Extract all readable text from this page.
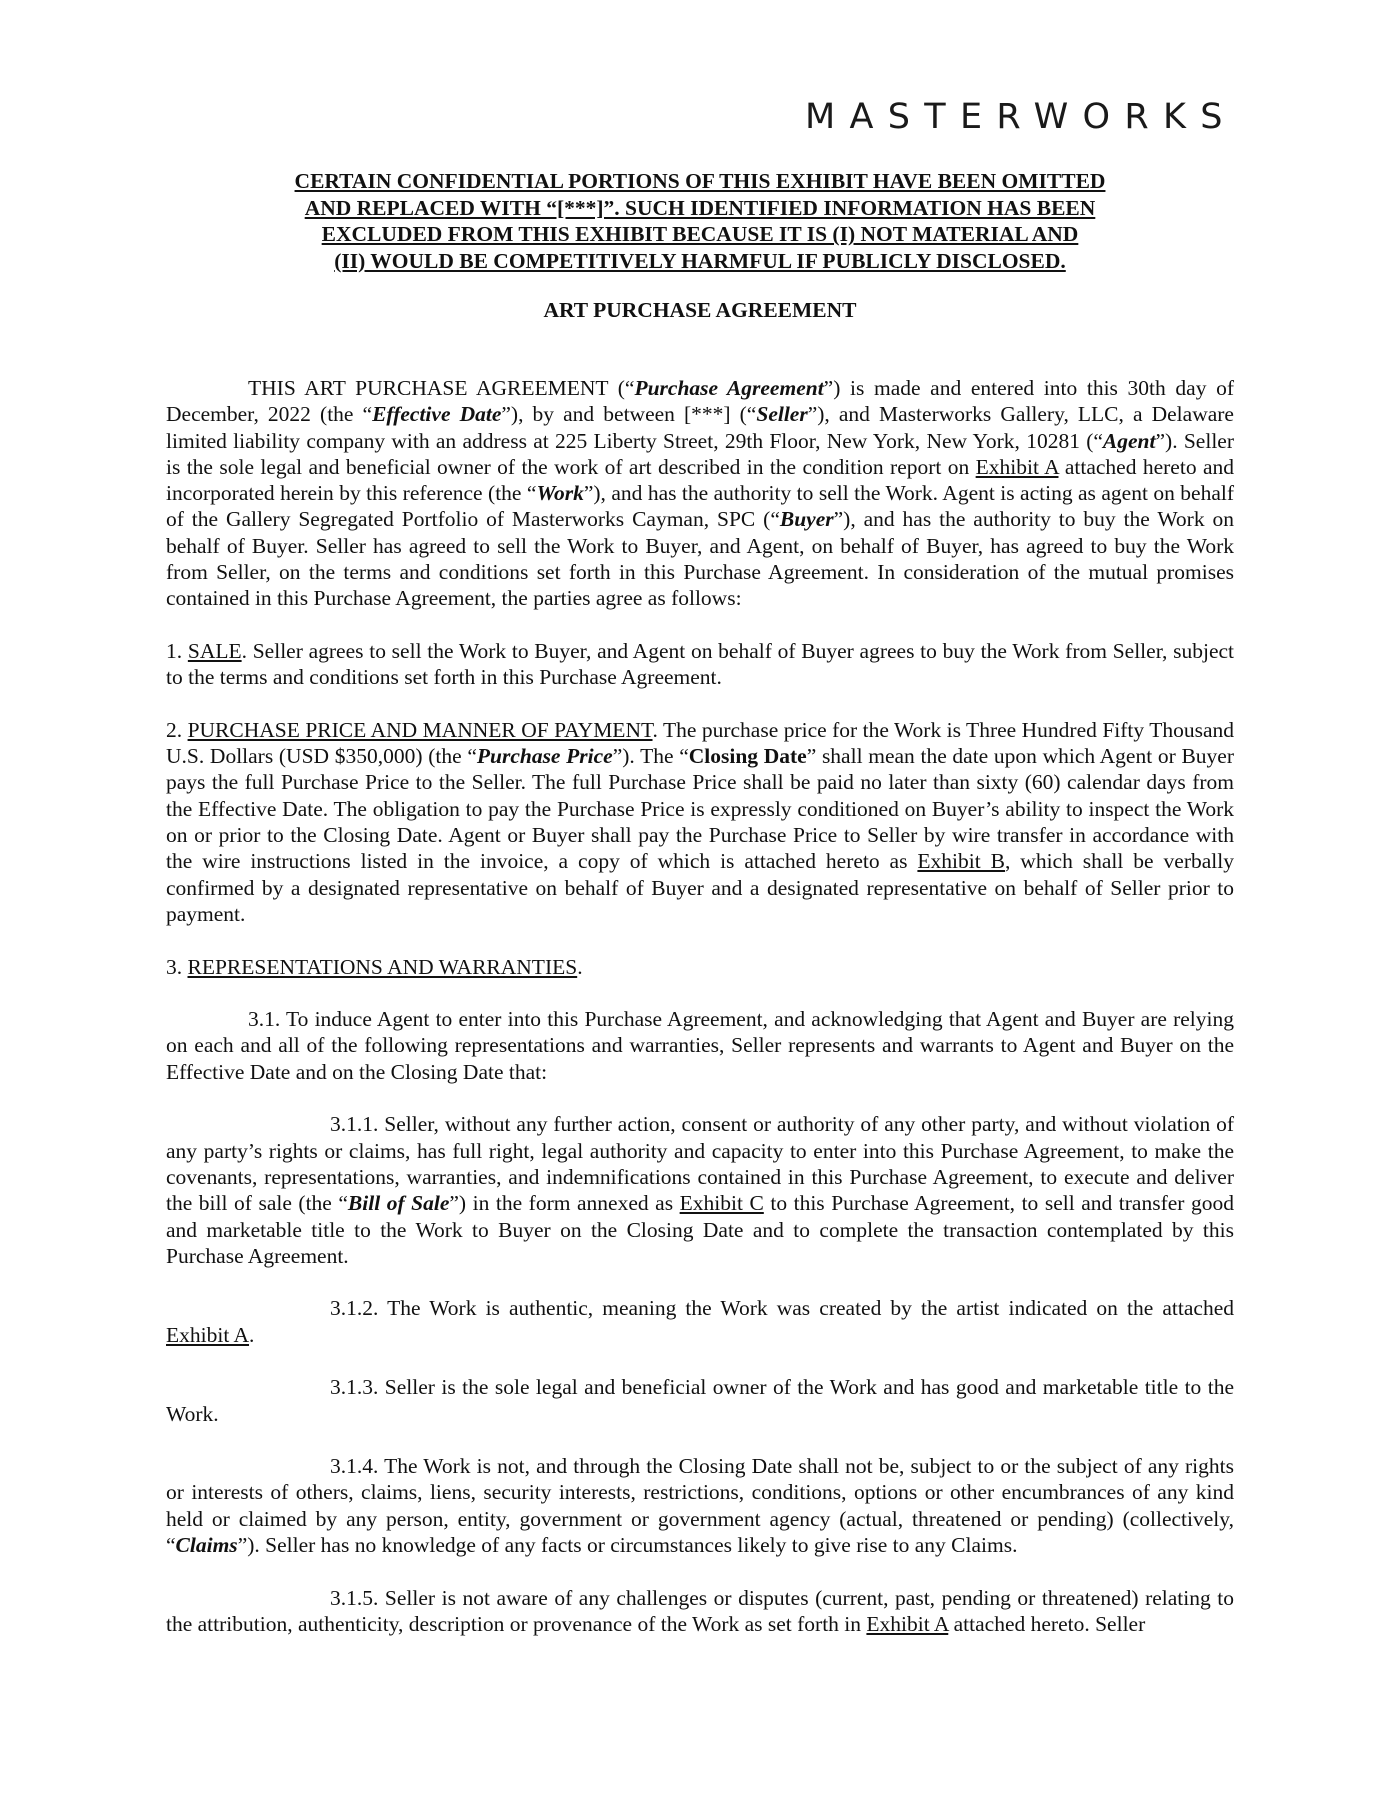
MASTERWORKS
CERTAIN CONFIDENTIAL PORTIONS OF THIS EXHIBIT HAVE BEEN OMITTED
AND REPLACED WITH “[***]”. SUCH IDENTIFIED INFORMATION HAS BEEN
EXCLUDED FROM THIS EXHIBIT BECAUSE IT IS (I) NOT MATERIAL AND
(II) WOULD BE COMPETITIVELY HARMFUL IF PUBLICLY DISCLOSED.
ART PURCHASE AGREEMENT

THIS ART PURCHASE AGREEMENT (“Purchase Agreement”) is made and entered into this 30th day of December, 2022 (the “Effective Date”), by and between [***] (“Seller”), and Masterworks Gallery, LLC, a Delaware limited liability company with an address at 225 Liberty Street, 29th Floor, New York, New York, 10281 (“Agent”). Seller is the sole legal and beneficial owner of the work of art described in the condition report on Exhibit A attached hereto and incorporated herein by this reference (the “Work”), and has the authority to sell the Work. Agent is acting as agent on behalf of the Gallery Segregated Portfolio of Masterworks Cayman, SPC (“Buyer”), and has the authority to buy the Work on behalf of Buyer. Seller has agreed to sell the Work to Buyer, and Agent, on behalf of Buyer, has agreed to buy the Work from Seller, on the terms and conditions set forth in this Purchase Agreement. In consideration of the mutual promises contained in this Purchase Agreement, the parties agree as follows:

1. SALE. Seller agrees to sell the Work to Buyer, and Agent on behalf of Buyer agrees to buy the Work from Seller, subject to the terms and conditions set forth in this Purchase Agreement.

2. PURCHASE PRICE AND MANNER OF PAYMENT. The purchase price for the Work is Three Hundred Fifty Thousand U.S. Dollars (USD $350,000) (the “Purchase Price”). The “Closing Date” shall mean the date upon which Agent or Buyer pays the full Purchase Price to the Seller. The full Purchase Price shall be paid no later than sixty (60) calendar days from the Effective Date. The obligation to pay the Purchase Price is expressly conditioned on Buyer’s ability to inspect the Work on or prior to the Closing Date. Agent or Buyer shall pay the Purchase Price to Seller by wire transfer in accordance with the wire instructions listed in the invoice, a copy of which is attached hereto as Exhibit B, which shall be verbally confirmed by a designated representative on behalf of Buyer and a designated representative on behalf of Seller prior to payment.

3. REPRESENTATIONS AND WARRANTIES.

3.1. To induce Agent to enter into this Purchase Agreement, and acknowledging that Agent and Buyer are relying on each and all of the following representations and warranties, Seller represents and warrants to Agent and Buyer on the Effective Date and on the Closing Date that:

3.1.1. Seller, without any further action, consent or authority of any other party, and without violation of any party’s rights or claims, has full right, legal authority and capacity to enter into this Purchase Agreement, to make the covenants, representations, warranties, and indemnifications contained in this Purchase Agreement, to execute and deliver the bill of sale (the “Bill of Sale”) in the form annexed as Exhibit C to this Purchase Agreement, to sell and transfer good and marketable title to the Work to Buyer on the Closing Date and to complete the transaction contemplated by this Purchase Agreement.

3.1.2. The Work is authentic, meaning the Work was created by the artist indicated on the attached Exhibit A.

3.1.3. Seller is the sole legal and beneficial owner of the Work and has good and marketable title to the Work.

3.1.4. The Work is not, and through the Closing Date shall not be, subject to or the subject of any rights or interests of others, claims, liens, security interests, restrictions, conditions, options or other encumbrances of any kind held or claimed by any person, entity, government or government agency (actual, threatened or pending) (collectively, “Claims”). Seller has no knowledge of any facts or circumstances likely to give rise to any Claims.

3.1.5. Seller is not aware of any challenges or disputes (current, past, pending or threatened) relating to the attribution, authenticity, description or provenance of the Work as set forth in Exhibit A attached hereto. Seller
